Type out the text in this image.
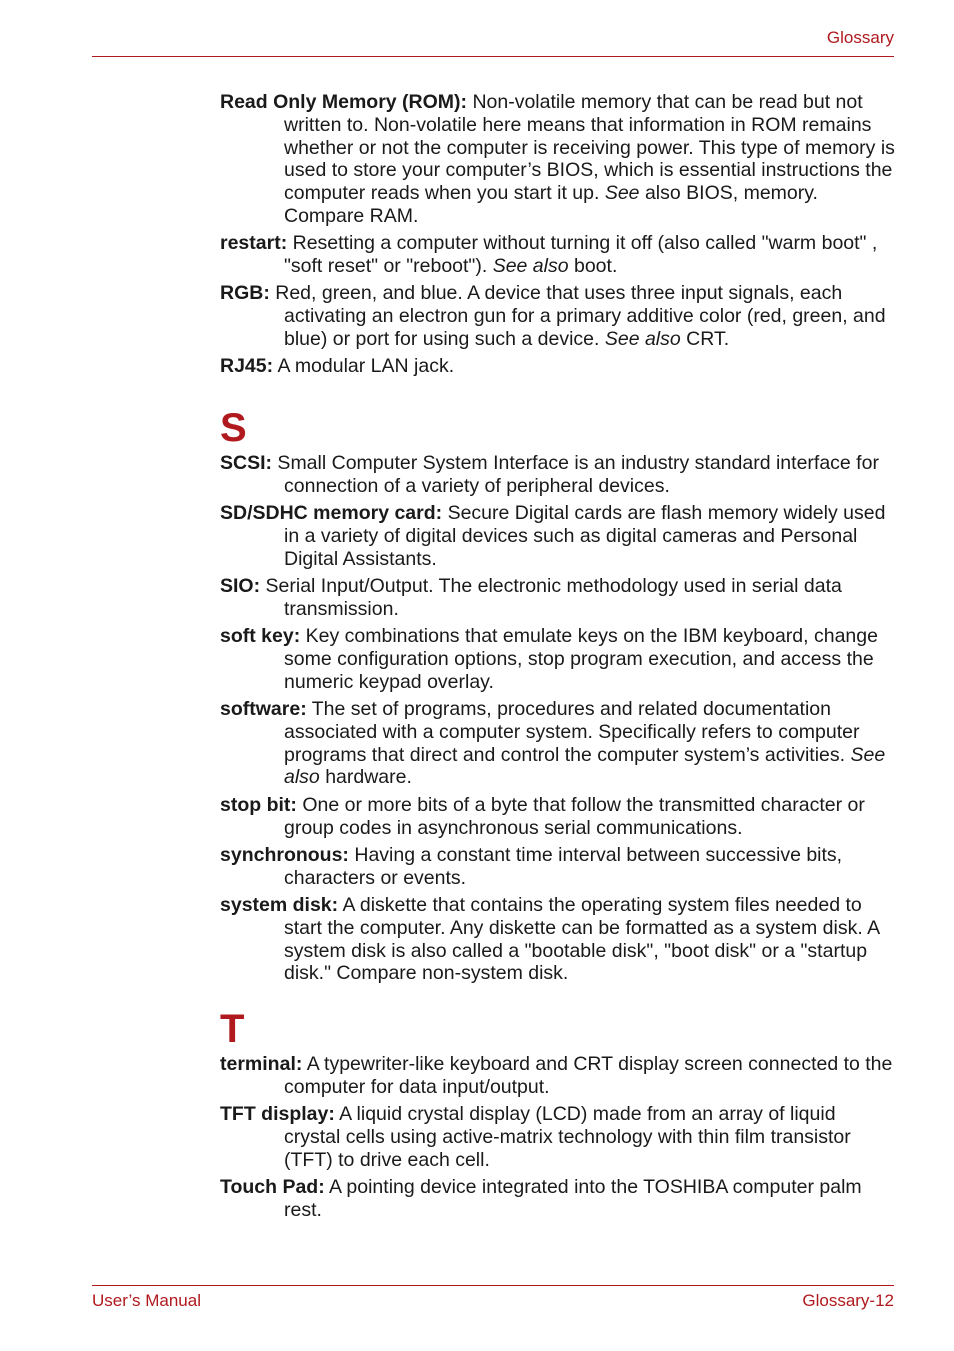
Glossary

Read Only Memory (ROM): Non-volatile memory that can be read but not written to. Non-volatile here means that information in ROM remains whether or not the computer is receiving power. This type of memory is used to store your computer’s BIOS, which is essential instructions the computer reads when you start it up. See also BIOS, memory. Compare RAM.

restart: Resetting a computer without turning it off (also called "warm boot" , "soft reset" or "reboot"). See also boot.

RGB: Red, green, and blue. A device that uses three input signals, each activating an electron gun for a primary additive color (red, green, and blue) or port for using such a device. See also CRT.

RJ45: A modular LAN jack.

S

SCSI: Small Computer System Interface is an industry standard interface for connection of a variety of peripheral devices.

SD/SDHC memory card: Secure Digital cards are flash memory widely used in a variety of digital devices such as digital cameras and Personal Digital Assistants.

SIO: Serial Input/Output. The electronic methodology used in serial data transmission.

soft key: Key combinations that emulate keys on the IBM keyboard, change some configuration options, stop program execution, and access the numeric keypad overlay.

software: The set of programs, procedures and related documentation associated with a computer system. Specifically refers to computer programs that direct and control the computer system’s activities. See also hardware.

stop bit: One or more bits of a byte that follow the transmitted character or group codes in asynchronous serial communications.

synchronous: Having a constant time interval between successive bits, characters or events.

system disk: A diskette that contains the operating system files needed to start the computer. Any diskette can be formatted as a system disk. A system disk is also called a "bootable disk", "boot disk" or a "startup disk." Compare non-system disk.

T

terminal: A typewriter-like keyboard and CRT display screen connected to the computer for data input/output.

TFT display: A liquid crystal display (LCD) made from an array of liquid crystal cells using active-matrix technology with thin film transistor (TFT) to drive each cell.

Touch Pad: A pointing device integrated into the TOSHIBA computer palm rest.

User’s Manual	Glossary-12
